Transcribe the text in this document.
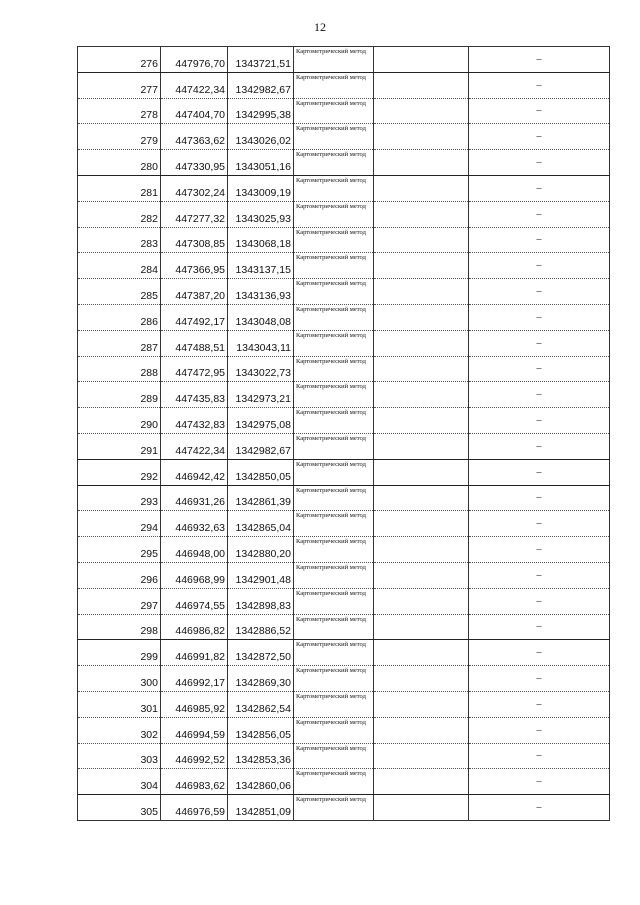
12
276	447976,70	1343721,51	Картометрический метод		–
277	447422,34	1342982,67	Картометрический метод		–
278	447404,70	1342995,38	Картометрический метод		–
279	447363,62	1343026,02	Картометрический метод		–
280	447330,95	1343051,16	Картометрический метод		–
281	447302,24	1343009,19	Картометрический метод		–
282	447277,32	1343025,93	Картометрический метод		–
283	447308,85	1343068,18	Картометрический метод		–
284	447366,95	1343137,15	Картометрический метод		–
285	447387,20	1343136,93	Картометрический метод		–
286	447492,17	1343048,08	Картометрический метод		–
287	447488,51	1343043,11	Картометрический метод		–
288	447472,95	1343022,73	Картометрический метод		–
289	447435,83	1342973,21	Картометрический метод		–
290	447432,83	1342975,08	Картометрический метод		–
291	447422,34	1342982,67	Картометрический метод		–
292	446942,42	1342850,05	Картометрический метод		–
293	446931,26	1342861,39	Картометрический метод		–
294	446932,63	1342865,04	Картометрический метод		–
295	446948,00	1342880,20	Картометрический метод		–
296	446968,99	1342901,48	Картометрический метод		–
297	446974,55	1342898,83	Картометрический метод		–
298	446986,82	1342886,52	Картометрический метод		–
299	446991,82	1342872,50	Картометрический метод		–
300	446992,17	1342869,30	Картометрический метод		–
301	446985,92	1342862,54	Картометрический метод		–
302	446994,59	1342856,05	Картометрический метод		–
303	446992,52	1342853,36	Картометрический метод		–
304	446983,62	1342860,06	Картометрический метод		–
305	446976,59	1342851,09	Картометрический метод		–
